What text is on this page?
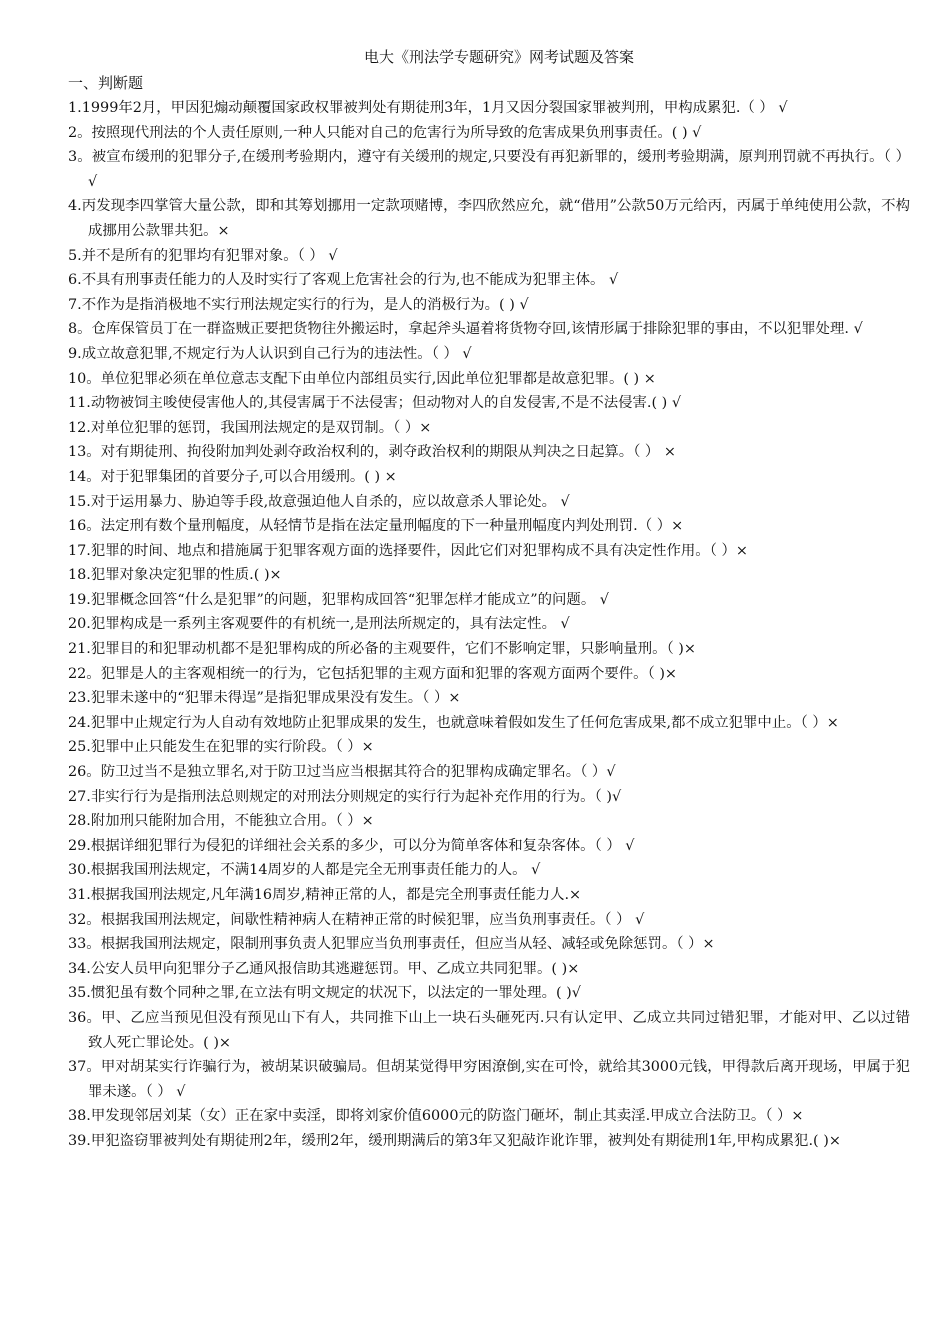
电大《刑法学专题研究》网考试题及答案
一、判断题
1.1999年2月，甲因犯煽动颠覆国家政权罪被判处有期徒刑3年，1月又因分裂国家罪被判刑，甲构成累犯.（ ） √
2。按照现代刑法的个人责任原则,一种人只能对自己的危害行为所导致的危害成果负刑事责任。( ) √
3。被宣布缓刑的犯罪分子,在缓刑考验期内，遵守有关缓刑的规定,只要没有再犯新罪的，缓刑考验期满，原判刑罚就不再执行。（ ） √
4.丙发现李四掌管大量公款，即和其筹划挪用一定款项赌博，李四欣然应允，就“借用”公款50万元给丙，丙属于单纯使用公款，不构成挪用公款罪共犯。×
5.并不是所有的犯罪均有犯罪对象。（ ） √
6.不具有刑事责任能力的人及时实行了客观上危害社会的行为,也不能成为犯罪主体。 √
7.不作为是指消极地不实行刑法规定实行的行为，是人的消极行为。( ) √
8。仓库保管员丁在一群盗贼正要把货物往外搬运时，拿起斧头逼着将货物夺回,该情形属于排除犯罪的事由，不以犯罪处理. √
9.成立故意犯罪,不规定行为人认识到自己行为的违法性。（ ） √
10。单位犯罪必须在单位意志支配下由单位内部组员实行,因此单位犯罪都是故意犯罪。( ) ×
11.动物被饲主唆使侵害他人的,其侵害属于不法侵害；但动物对人的自发侵害,不是不法侵害.( ) √
12.对单位犯罪的惩罚，我国刑法规定的是双罚制。（ ）×
13。对有期徒刑、拘役附加判处剥夺政治权利的，剥夺政治权利的期限从判决之日起算。（ ） ×
14。对于犯罪集团的首要分子,可以合用缓刑。( ) ×
15.对于运用暴力、胁迫等手段,故意强迫他人自杀的，应以故意杀人罪论处。 √
16。法定刑有数个量刑幅度，从轻情节是指在法定量刑幅度的下一种量刑幅度内判处刑罚.（ ）×
17.犯罪的时间、地点和措施属于犯罪客观方面的选择要件，因此它们对犯罪构成不具有决定性作用。（ ）×
18.犯罪对象决定犯罪的性质.( )×
19.犯罪概念回答“什么是犯罪”的问题，犯罪构成回答“犯罪怎样才能成立”的问题。 √
20.犯罪构成是一系列主客观要件的有机统一,是刑法所规定的，具有法定性。 √
21.犯罪目的和犯罪动机都不是犯罪构成的所必备的主观要件，它们不影响定罪，只影响量刑。（ )×
22。犯罪是人的主客观相统一的行为，它包括犯罪的主观方面和犯罪的客观方面两个要件。（ )×
23.犯罪未遂中的“犯罪未得逞”是指犯罪成果没有发生。（ ）×
24.犯罪中止规定行为人自动有效地防止犯罪成果的发生，也就意味着假如发生了任何危害成果,都不成立犯罪中止。（ ）×
25.犯罪中止只能发生在犯罪的实行阶段。（ ）×
26。防卫过当不是独立罪名,对于防卫过当应当根据其符合的犯罪构成确定罪名。（ ）√
27.非实行行为是指刑法总则规定的对刑法分则规定的实行行为起补充作用的行为。（ )√
28.附加刑只能附加合用，不能独立合用。（ ）×
29.根据详细犯罪行为侵犯的详细社会关系的多少，可以分为简单客体和复杂客体。（ ） √
30.根据我国刑法规定，不满14周岁的人都是完全无刑事责任能力的人。 √
31.根据我国刑法规定,凡年满16周岁,精神正常的人，都是完全刑事责任能力人.×
32。根据我国刑法规定，间歇性精神病人在精神正常的时候犯罪，应当负刑事责任。（ ） √
33。根据我国刑法规定，限制刑事负责人犯罪应当负刑事责任，但应当从轻、减轻或免除惩罚。（ ）×
34.公安人员甲向犯罪分子乙通风报信助其逃避惩罚。甲、乙成立共同犯罪。( )×
35.惯犯虽有数个同种之罪,在立法有明文规定的状况下，以法定的一罪处理。( )√
36。甲、乙应当预见但没有预见山下有人，共同推下山上一块石头砸死丙.只有认定甲、乙成立共同过错犯罪，才能对甲、乙以过错致人死亡罪论处。( )×
37。甲对胡某实行诈骗行为，被胡某识破骗局。但胡某觉得甲穷困潦倒,实在可怜，就给其3000元钱，甲得款后离开现场，甲属于犯罪未遂。（ ） √
38.甲发现邻居刘某（女）正在家中卖淫，即将刘家价值6000元的防盗门砸坏，制止其卖淫.甲成立合法防卫。（ ）×
39.甲犯盗窃罪被判处有期徒刑2年，缓刑2年，缓刑期满后的第3年又犯敲诈讹诈罪，被判处有期徒刑1年,甲构成累犯.( )×
